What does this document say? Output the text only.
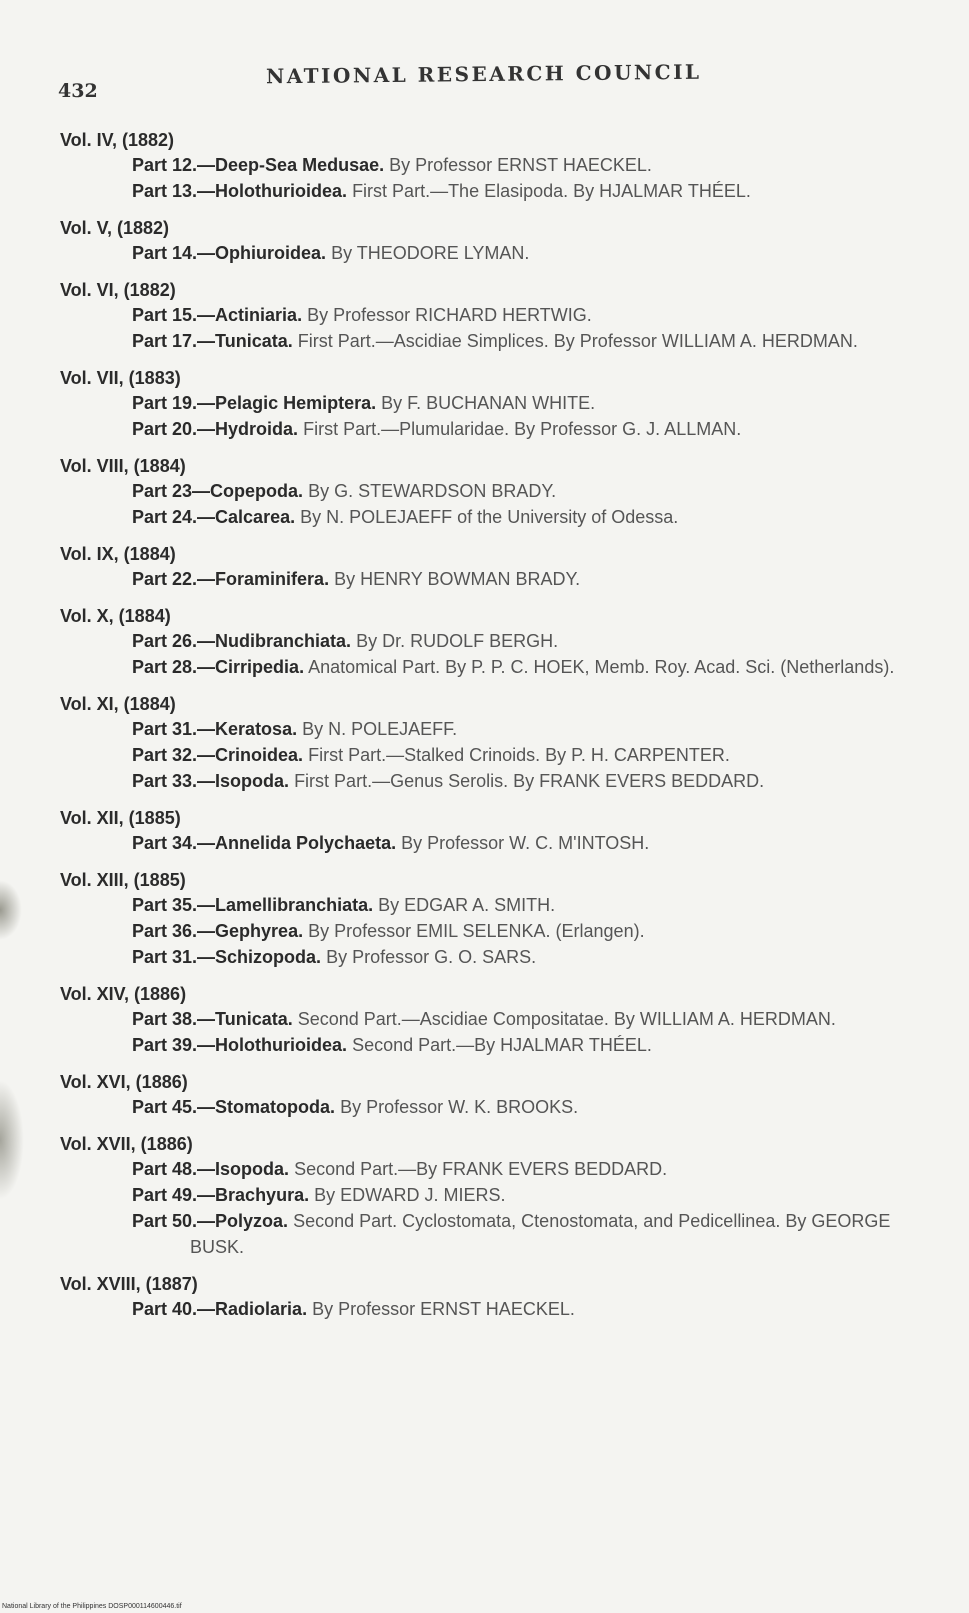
432
NATIONAL RESEARCH COUNCIL
Vol. IV, (1882)
Part 12.—Deep-Sea Medusae. By Professor ERNST HAECKEL.
Part 13.—Holothurioidea. First Part.—The Elasipoda. By HJALMAR THÉEL.
Vol. V, (1882)
Part 14.—Ophiuroidea. By THEODORE LYMAN.
Vol. VI, (1882)
Part 15.—Actiniaria. By Professor RICHARD HERTWIG.
Part 17.—Tunicata. First Part.—Ascidiae Simplices. By Professor WILLIAM A. HERDMAN.
Vol. VII, (1883)
Part 19.—Pelagic Hemiptera. By F. BUCHANAN WHITE.
Part 20.—Hydroida. First Part.—Plumularidae. By Professor G. J. ALLMAN.
Vol. VIII, (1884)
Part 23—Copepoda. By G. STEWARDSON BRADY.
Part 24.—Calcarea. By N. POLEJAEFF of the University of Odessa.
Vol. IX, (1884)
Part 22.—Foraminifera. By HENRY BOWMAN BRADY.
Vol. X, (1884)
Part 26.—Nudibranchiata. By Dr. RUDOLF BERGH.
Part 28.—Cirripedia. Anatomical Part. By P. P. C. HOEK, Memb. Roy. Acad. Sci. (Netherlands).
Vol. XI, (1884)
Part 31.—Keratosa. By N. POLEJAEFF.
Part 32.—Crinoidea. First Part.—Stalked Crinoids. By P. H. CARPENTER.
Part 33.—Isopoda. First Part.—Genus Serolis. By FRANK EVERS BEDDARD.
Vol. XII, (1885)
Part 34.—Annelida Polychaeta. By Professor W. C. M'INTOSH.
Vol. XIII, (1885)
Part 35.—Lamellibranchiata. By EDGAR A. SMITH.
Part 36.—Gephyrea. By Professor EMIL SELENKA. (Erlangen).
Part 31.—Schizopoda. By Professor G. O. SARS.
Vol. XIV, (1886)
Part 38.—Tunicata. Second Part.—Ascidiae Compositatae. By WILLIAM A. HERDMAN.
Part 39.—Holothurioidea. Second Part.—By HJALMAR THÉEL.
Vol. XVI, (1886)
Part 45.—Stomatopoda. By Professor W. K. BROOKS.
Vol. XVII, (1886)
Part 48.—Isopoda. Second Part.—By FRANK EVERS BEDDARD.
Part 49.—Brachyura. By EDWARD J. MIERS.
Part 50.—Polyzoa. Second Part. Cyclostomata, Ctenostomata, and Pedicellinea. By GEORGE BUSK.
Vol. XVIII, (1887)
Part 40.—Radiolaria. By Professor ERNST HAECKEL.
National Library of the Philippines DOSP000114600446.tif
